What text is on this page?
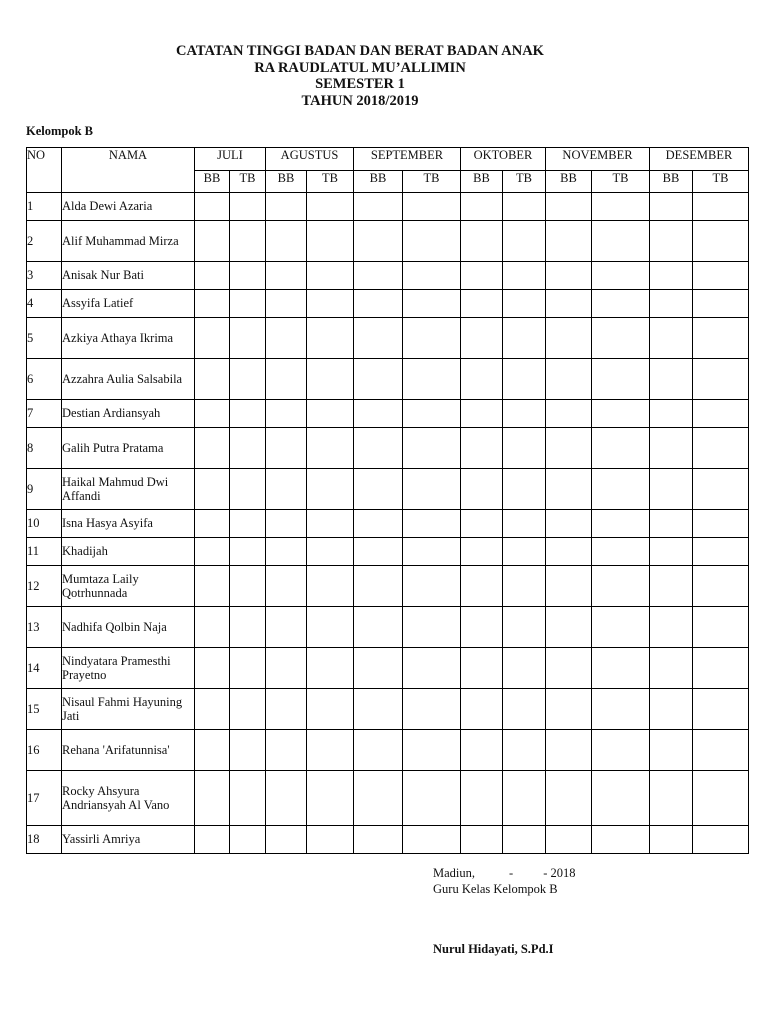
CATATAN TINGGI BADAN DAN BERAT BADAN ANAK
RA RAUDLATUL MU’ALLIMIN
SEMESTER 1
TAHUN 2018/2019
Kelompok B
NO	NAMA	JULI		AGUSTUS		SEPTEMBER		OKTOBER		NOVEMBER		DESEMBER	
		BB	TB	BB	TB	BB	TB	BB	TB	BB	TB	BB	TB
1	Alda Dewi Azaria												
2	Alif Muhammad Mirza												
3	Anisak Nur Bati												
4	Assyifa Latief												
5	Azkiya Athaya Ikrima												
6	Azzahra Aulia Salsabila												
7	Destian Ardiansyah												
8	Galih Putra Pratama												
9	Haikal Mahmud Dwi Affandi												
10	Isna Hasya Asyifa												
11	Khadijah												
12	Mumtaza Laily Qotrhunnada												
13	Nadhifa Qolbin Naja												
14	Nindyatara Pramesthi Prayetno												
15	Nisaul Fahmi Hayuning Jati												
16	Rehana 'Arifatunnisa'												
17	Rocky Ahsyura Andriansyah Al Vano												
18	Yassirli Amriya												
Madiun,	- - 2018
Guru Kelas Kelompok B
Nurul Hidayati, S.Pd.I
